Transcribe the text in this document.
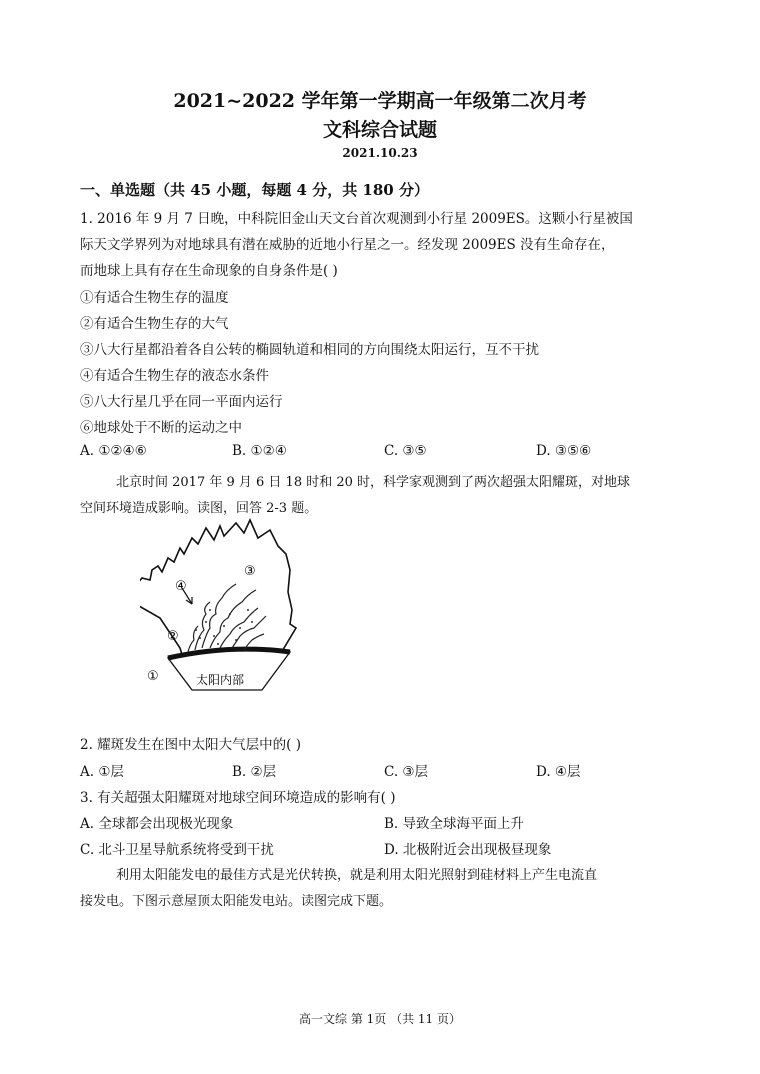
2021~2022 学年第一学期高一年级第二次月考
文科综合试题
2021.10.23
一、单选题（共 45 小题，每题 4 分，共 180 分）
1. 2016 年 9 月 7 日晚，中科院旧金山天文台首次观测到小行星 2009ES。这颗小行星被国
际天文学界列为对地球具有潜在威胁的近地小行星之一。经发现 2009ES 没有生命存在，
而地球上具有存在生命现象的自身条件是( )
①有适合生物生存的温度
②有适合生物生存的大气
③八大行星都沿着各自公转的椭圆轨道和相同的方向围绕太阳运行，互不干扰
④有适合生物生存的液态水条件
⑤八大行星几乎在同一平面内运行
⑥地球处于不断的运动之中
A. ①②④⑥	B. ①②④	C. ③⑤	D. ③⑤⑥
北京时间 2017 年 9 月 6 日 18 时和 20 时，科学家观测到了两次超强太阳耀斑，对地球
空间环境造成影响。读图，回答 2-3 题。
①
②
③
④
太阳内部
2. 耀斑发生在图中太阳大气层中的( )
A. ①层	B. ②层	C. ③层	D. ④层
3. 有关超强太阳耀斑对地球空间环境造成的影响有( )
A. 全球都会出现极光现象	B. 导致全球海平面上升
C. 北斗卫星导航系统将受到干扰	D. 北极附近会出现极昼现象
利用太阳能发电的最佳方式是光伏转换，就是利用太阳光照射到硅材料上产生电流直
接发电。下图示意屋顶太阳能发电站。读图完成下题。
高一文综 第 1页 （共 11 页）
